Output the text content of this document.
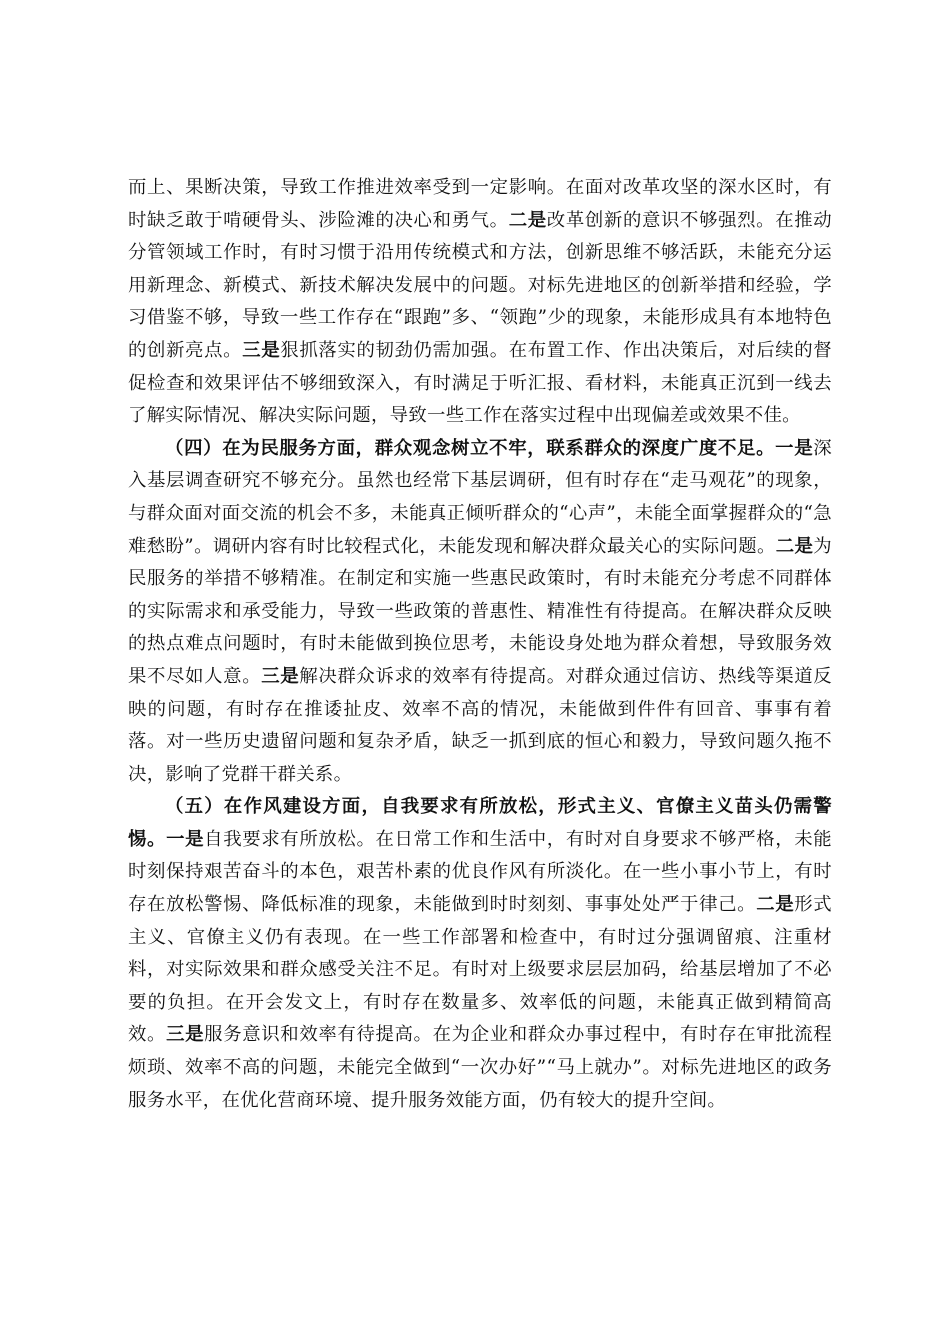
而上、果断决策，导致工作推进效率受到一定影响。在面对改革攻坚的深水区时，有时缺乏敢于啃硬骨头、涉险滩的决心和勇气。二是改革创新的意识不够强烈。在推动分管领域工作时，有时习惯于沿用传统模式和方法，创新思维不够活跃，未能充分运用新理念、新模式、新技术解决发展中的问题。对标先进地区的创新举措和经验，学习借鉴不够，导致一些工作存在“跟跑”多、“领跑”少的现象，未能形成具有本地特色的创新亮点。三是狠抓落实的韧劲仍需加强。在布置工作、作出决策后，对后续的督促检查和效果评估不够细致深入，有时满足于听汇报、看材料，未能真正沉到一线去了解实际情况、解决实际问题，导致一些工作在落实过程中出现偏差或效果不佳。

（四）在为民服务方面，群众观念树立不牢，联系群众的深度广度不足。一是深入基层调查研究不够充分。虽然也经常下基层调研，但有时存在“走马观花”的现象，与群众面对面交流的机会不多，未能真正倾听群众的“心声”，未能全面掌握群众的“急难愁盼”。调研内容有时比较程式化，未能发现和解决群众最关心的实际问题。二是为民服务的举措不够精准。在制定和实施一些惠民政策时，有时未能充分考虑不同群体的实际需求和承受能力，导致一些政策的普惠性、精准性有待提高。在解决群众反映的热点难点问题时，有时未能做到换位思考，未能设身处地为群众着想，导致服务效果不尽如人意。三是解决群众诉求的效率有待提高。对群众通过信访、热线等渠道反映的问题，有时存在推诿扯皮、效率不高的情况，未能做到件件有回音、事事有着落。对一些历史遗留问题和复杂矛盾，缺乏一抓到底的恒心和毅力，导致问题久拖不决，影响了党群干群关系。

（五）在作风建设方面，自我要求有所放松，形式主义、官僚主义苗头仍需警惕。一是自我要求有所放松。在日常工作和生活中，有时对自身要求不够严格，未能时刻保持艰苦奋斗的本色，艰苦朴素的优良作风有所淡化。在一些小事小节上，有时存在放松警惕、降低标准的现象，未能做到时时刻刻、事事处处严于律己。二是形式主义、官僚主义仍有表现。在一些工作部署和检查中，有时过分强调留痕、注重材料，对实际效果和群众感受关注不足。有时对上级要求层层加码，给基层增加了不必要的负担。在开会发文上，有时存在数量多、效率低的问题，未能真正做到精简高效。三是服务意识和效率有待提高。在为企业和群众办事过程中，有时存在审批流程烦琐、效率不高的问题，未能完全做到“一次办好”“马上就办”。对标先进地区的政务服务水平，在优化营商环境、提升服务效能方面，仍有较大的提升空间。
